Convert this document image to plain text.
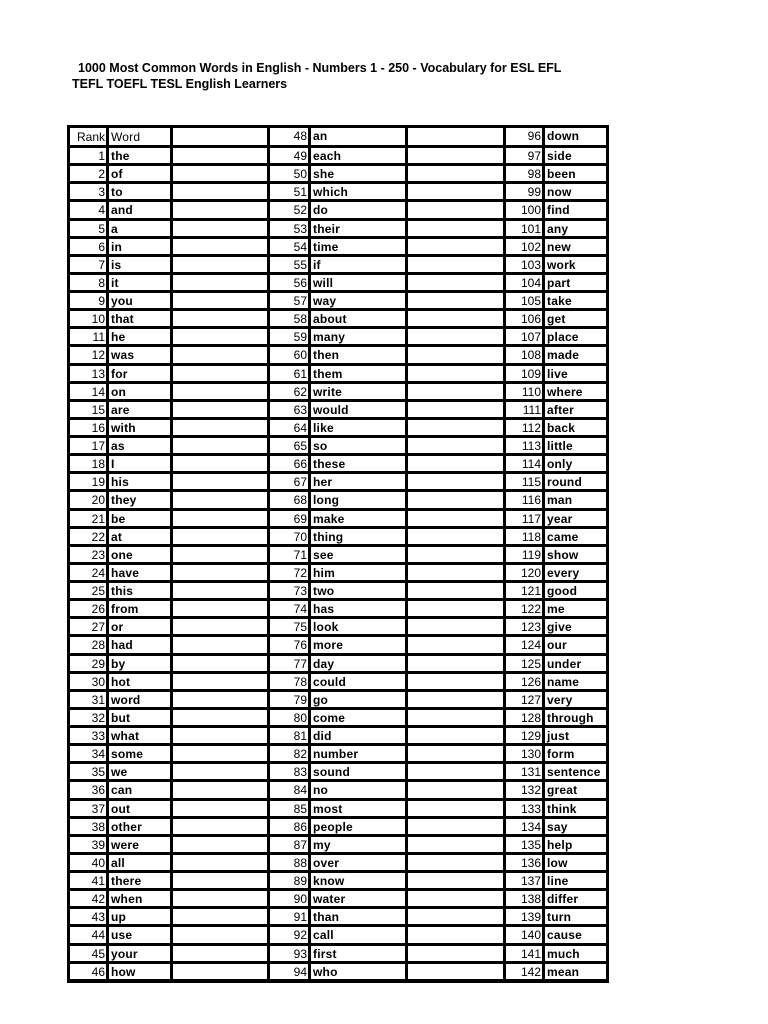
1000 Most Common Words in English - Numbers 1 - 250 - Vocabulary for ESL EFL
TEFL TOEFL TESL English Learners
Rank Word
1 the
2 of
3 to
4 and
5 a
6 in
7 is
8 it
9 you
10 that
11 he
12 was
13 for
14 on
15 are
16 with
17 as
18 I
19 his
20 they
21 be
22 at
23 one
24 have
25 this
26 from
27 or
28 had
29 by
30 hot
31 word
32 but
33 what
34 some
35 we
36 can
37 out
38 other
39 were
40 all
41 there
42 when
43 up
44 use
45 your
46 how
48 an
49 each
50 she
51 which
52 do
53 their
54 time
55 if
56 will
57 way
58 about
59 many
60 then
61 them
62 write
63 would
64 like
65 so
66 these
67 her
68 long
69 make
70 thing
71 see
72 him
73 two
74 has
75 look
76 more
77 day
78 could
79 go
80 come
81 did
82 number
83 sound
84 no
85 most
86 people
87 my
88 over
89 know
90 water
91 than
92 call
93 first
94 who
96 down
97 side
98 been
99 now
100 find
101 any
102 new
103 work
104 part
105 take
106 get
107 place
108 made
109 live
110 where
111 after
112 back
113 little
114 only
115 round
116 man
117 year
118 came
119 show
120 every
121 good
122 me
123 give
124 our
125 under
126 name
127 very
128 through
129 just
130 form
131 sentence
132 great
133 think
134 say
135 help
136 low
137 line
138 differ
139 turn
140 cause
141 much
142 mean
